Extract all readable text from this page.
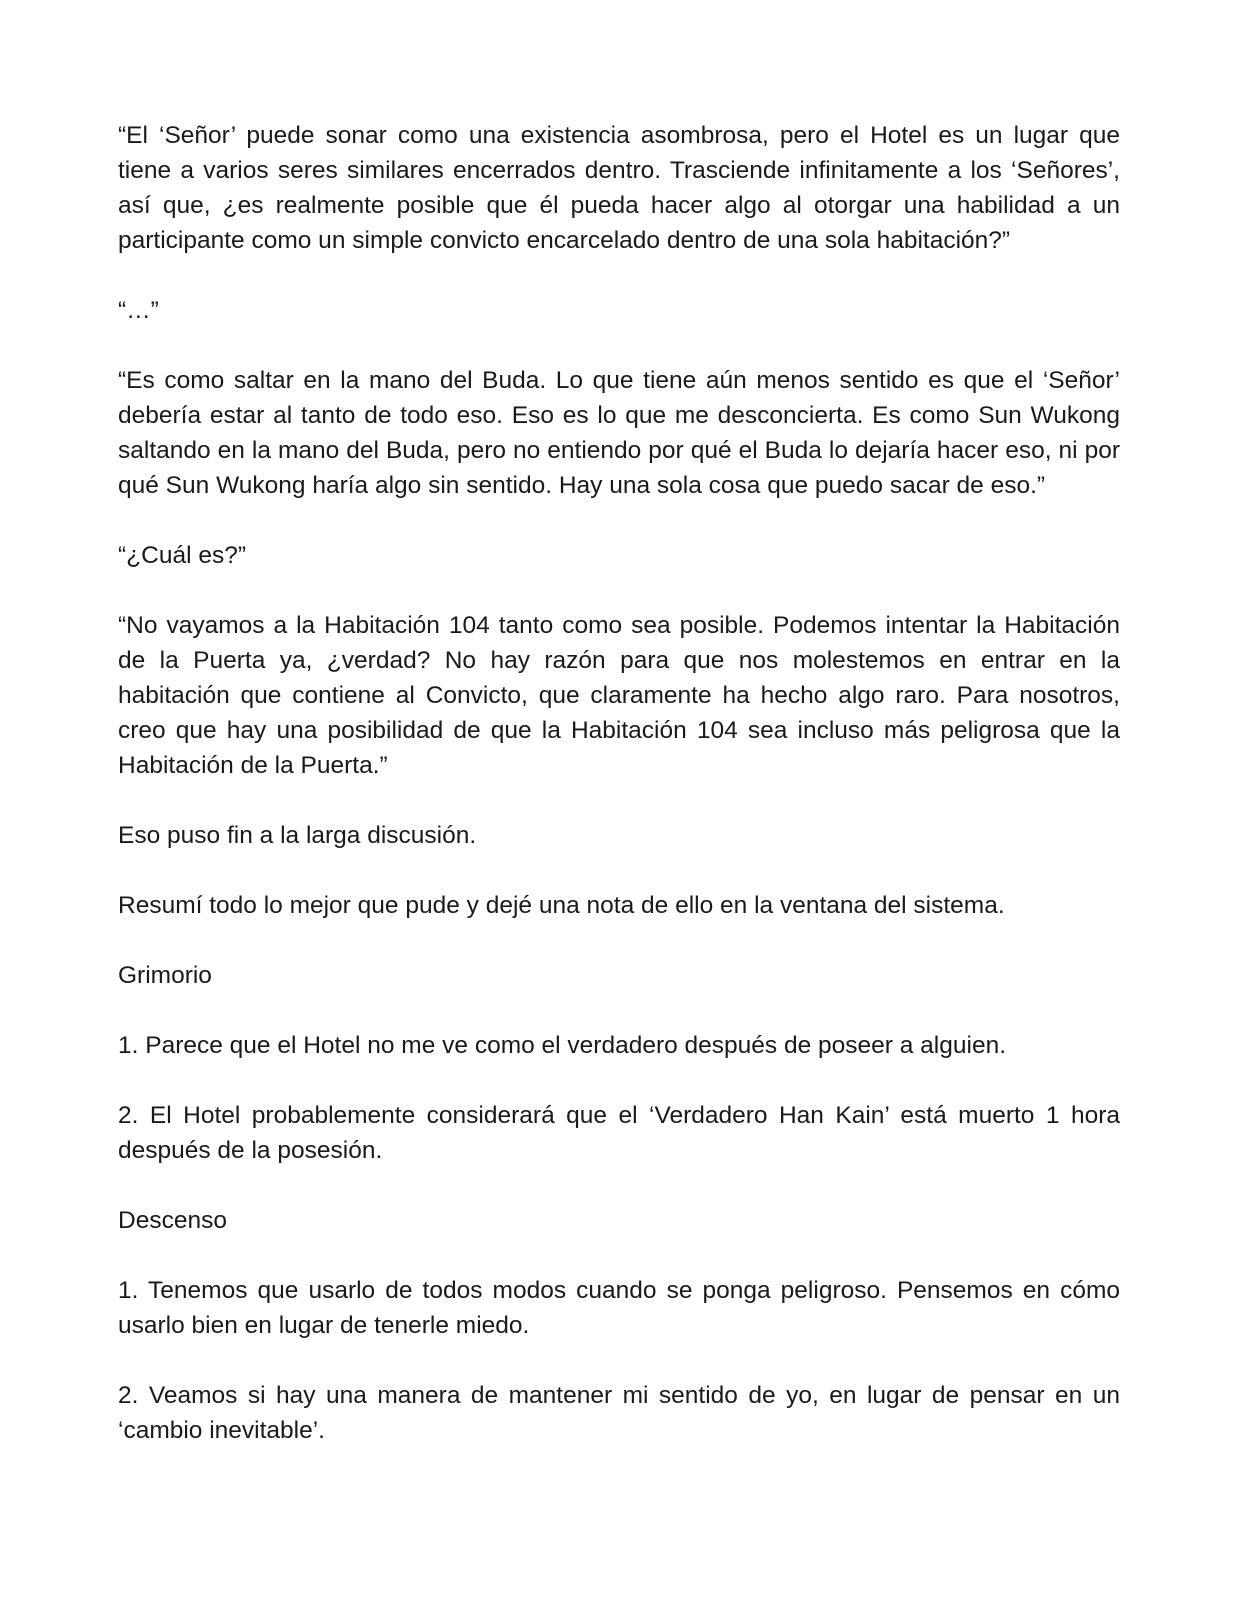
“El ‘Señor’ puede sonar como una existencia asombrosa, pero el Hotel es un lugar que tiene a varios seres similares encerrados dentro. Trasciende infinitamente a los ‘Señores’, así que, ¿es realmente posible que él pueda hacer algo al otorgar una habilidad a un participante como un simple convicto encarcelado dentro de una sola habitación?”

“…”

“Es como saltar en la mano del Buda. Lo que tiene aún menos sentido es que el ‘Señor’ debería estar al tanto de todo eso. Eso es lo que me desconcierta. Es como Sun Wukong saltando en la mano del Buda, pero no entiendo por qué el Buda lo dejaría hacer eso, ni por qué Sun Wukong haría algo sin sentido. Hay una sola cosa que puedo sacar de eso.”

“¿Cuál es?”

“No vayamos a la Habitación 104 tanto como sea posible. Podemos intentar la Habitación de la Puerta ya, ¿verdad? No hay razón para que nos molestemos en entrar en la habitación que contiene al Convicto, que claramente ha hecho algo raro. Para nosotros, creo que hay una posibilidad de que la Habitación 104 sea incluso más peligrosa que la Habitación de la Puerta.”

Eso puso fin a la larga discusión.

Resumí todo lo mejor que pude y dejé una nota de ello en la ventana del sistema.

Grimorio

1. Parece que el Hotel no me ve como el verdadero después de poseer a alguien.

2. El Hotel probablemente considerará que el ‘Verdadero Han Kain’ está muerto 1 hora después de la posesión.

Descenso

1. Tenemos que usarlo de todos modos cuando se ponga peligroso. Pensemos en cómo usarlo bien en lugar de tenerle miedo.

2. Veamos si hay una manera de mantener mi sentido de yo, en lugar de pensar en un ‘cambio inevitable’.
